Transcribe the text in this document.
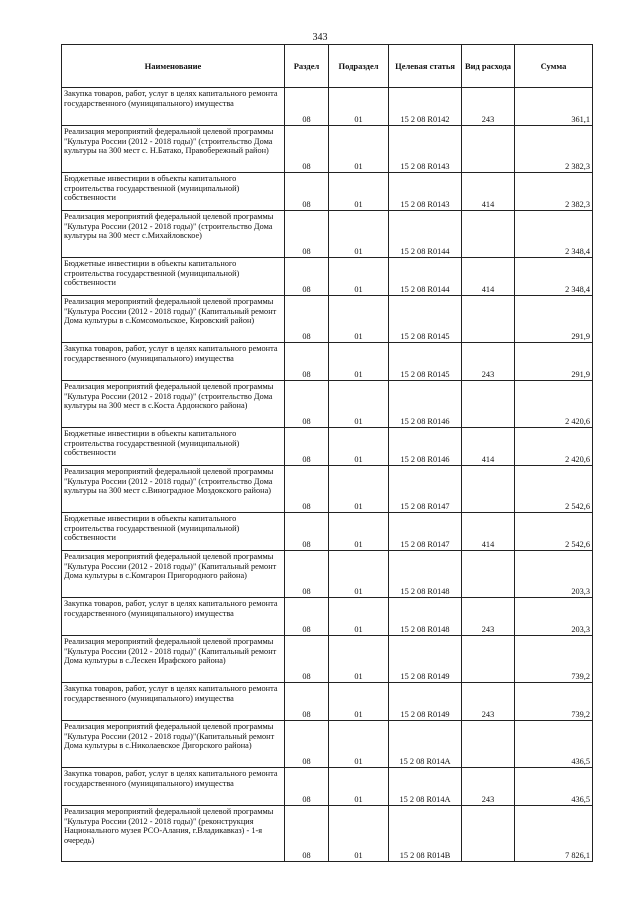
343
Наименование	Раздел	Подраздел	Целевая статья	Вид расхода	Сумма
Закупка товаров, работ, услуг в целях капитального ремонта государственного (муниципального) имущества	08	01	15 2 08 R0142	243	361,1
Реализация мероприятий федеральной целевой программы "Культура России (2012 - 2018 годы)" (строительство Дома культуры на 300 мест с. Н.Батако, Правобережный район)	08	01	15 2 08 R0143		2 382,3
Бюджетные инвестиции в объекты капитального строительства государственной (муниципальной) собственности	08	01	15 2 08 R0143	414	2 382,3
Реализация мероприятий федеральной целевой программы "Культура России (2012 - 2018 годы)" (строительство Дома культуры на 300 мест с.Михайловское)	08	01	15 2 08 R0144		2 348,4
Бюджетные инвестиции в объекты капитального строительства государственной (муниципальной) собственности	08	01	15 2 08 R0144	414	2 348,4
Реализация мероприятий федеральной целевой программы "Культура России (2012 - 2018 годы)" (Капитальный ремонт Дома культуры в с.Комсомольское, Кировский район)	08	01	15 2 08 R0145		291,9
Закупка товаров, работ, услуг в целях капитального ремонта государственного (муниципального) имущества	08	01	15 2 08 R0145	243	291,9
Реализация мероприятий федеральной целевой программы "Культура России (2012 - 2018 годы)" (строительство Дома культуры на 300 мест в с.Коста Ардонского района)	08	01	15 2 08 R0146		2 420,6
Бюджетные инвестиции в объекты капитального строительства государственной (муниципальной) собственности	08	01	15 2 08 R0146	414	2 420,6
Реализация мероприятий федеральной целевой программы "Культура России (2012 - 2018 годы)" (строительство Дома культуры на 300 мест с.Виноградное Моздокского района)	08	01	15 2 08 R0147		2 542,6
Бюджетные инвестиции в объекты капитального строительства государственной (муниципальной) собственности	08	01	15 2 08 R0147	414	2 542,6
Реализация мероприятий федеральной целевой программы "Культура России (2012 - 2018 годы)" (Капитальный ремонт Дома культуры в с.Комгарон Пригородного района)	08	01	15 2 08 R0148		203,3
Закупка товаров, работ, услуг в целях капитального ремонта государственного (муниципального) имущества	08	01	15 2 08 R0148	243	203,3
Реализация мероприятий федеральной целевой программы "Культура России (2012 - 2018 годы)" (Капитальный ремонт Дома культуры в с.Лескен Ирафского района)	08	01	15 2 08 R0149		739,2
Закупка товаров, работ, услуг в целях капитального ремонта государственного (муниципального) имущества	08	01	15 2 08 R0149	243	739,2
Реализация мероприятий федеральной целевой программы "Культура России (2012 - 2018 годы)"(Капитальный ремонт Дома культуры в с.Николаевское Дигорского района)	08	01	15 2 08 R014A		436,5
Закупка товаров, работ, услуг в целях капитального ремонта государственного (муниципального) имущества	08	01	15 2 08 R014A	243	436,5
Реализация мероприятий федеральной целевой программы "Культура России (2012 - 2018 годы)" (реконструкция Национального музея РСО-Алания, г.Владикавказ) - 1-я очередь)	08	01	15 2 08 R014B		7 826,1
